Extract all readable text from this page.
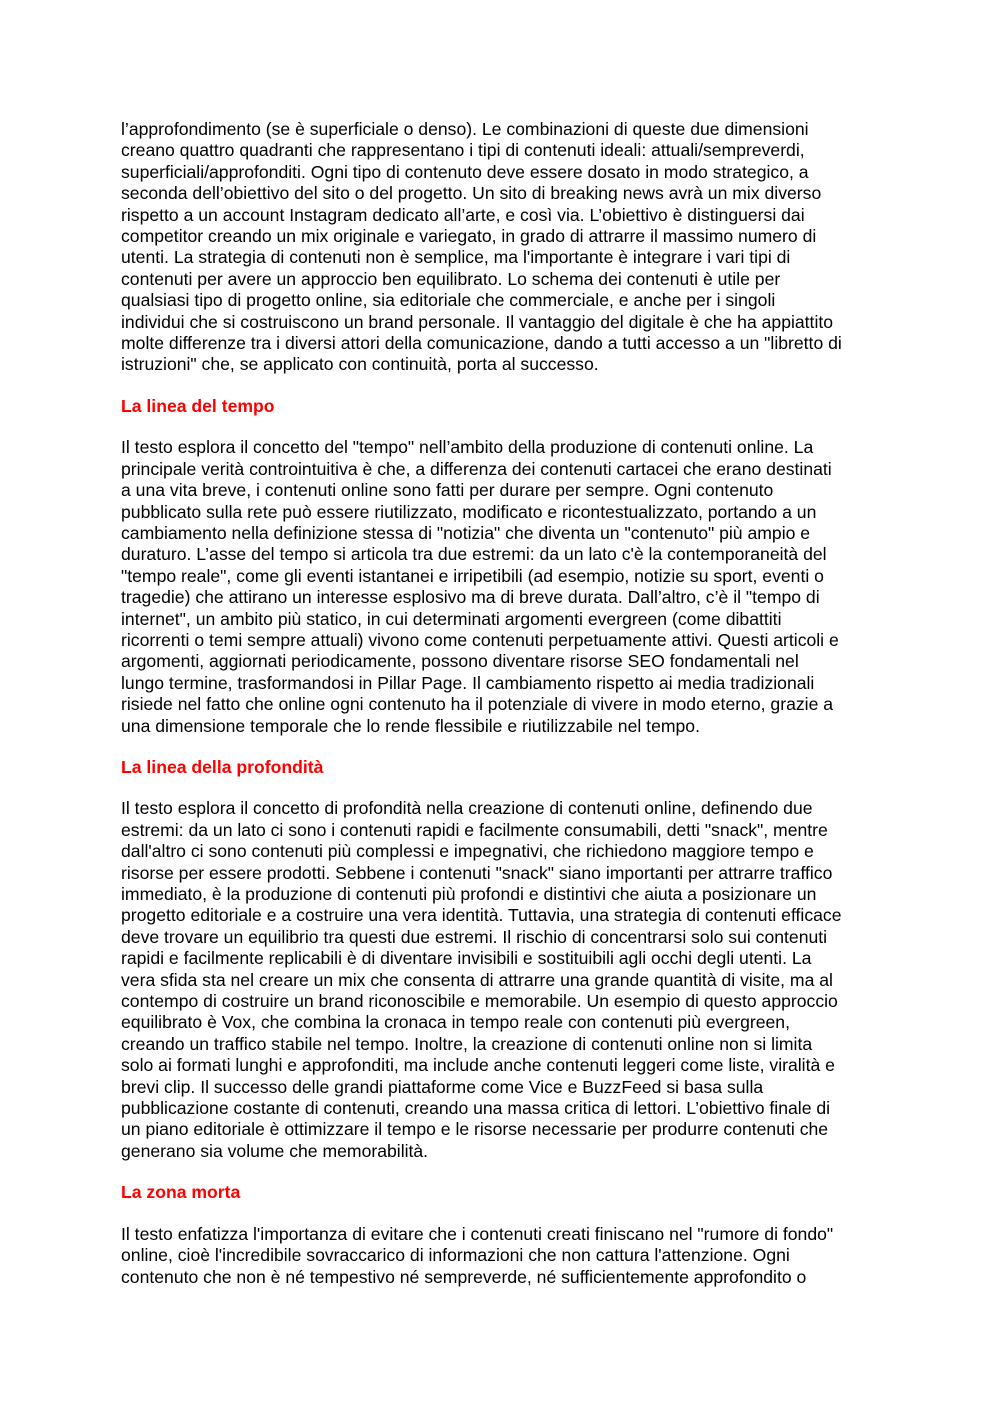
l’approfondimento (se è superficiale o denso). Le combinazioni di queste due dimensioni
creano quattro quadranti che rappresentano i tipi di contenuti ideali: attuali/sempreverdi,
superficiali/approfonditi. Ogni tipo di contenuto deve essere dosato in modo strategico, a
seconda dell’obiettivo del sito o del progetto. Un sito di breaking news avrà un mix diverso
rispetto a un account Instagram dedicato all’arte, e così via. L’obiettivo è distinguersi dai
competitor creando un mix originale e variegato, in grado di attrarre il massimo numero di
utenti. La strategia di contenuti non è semplice, ma l'importante è integrare i vari tipi di
contenuti per avere un approccio ben equilibrato. Lo schema dei contenuti è utile per
qualsiasi tipo di progetto online, sia editoriale che commerciale, e anche per i singoli
individui che si costruiscono un brand personale. Il vantaggio del digitale è che ha appiattito
molte differenze tra i diversi attori della comunicazione, dando a tutti accesso a un "libretto di
istruzioni" che, se applicato con continuità, porta al successo.

La linea del tempo

Il testo esplora il concetto del "tempo" nell’ambito della produzione di contenuti online. La
principale verità controintuitiva è che, a differenza dei contenuti cartacei che erano destinati
a una vita breve, i contenuti online sono fatti per durare per sempre. Ogni contenuto
pubblicato sulla rete può essere riutilizzato, modificato e ricontestualizzato, portando a un
cambiamento nella definizione stessa di "notizia" che diventa un "contenuto" più ampio e
duraturo. L’asse del tempo si articola tra due estremi: da un lato c'è la contemporaneità del
"tempo reale", come gli eventi istantanei e irripetibili (ad esempio, notizie su sport, eventi o
tragedie) che attirano un interesse esplosivo ma di breve durata. Dall’altro, c’è il "tempo di
internet", un ambito più statico, in cui determinati argomenti evergreen (come dibattiti
ricorrenti o temi sempre attuali) vivono come contenuti perpetuamente attivi. Questi articoli e
argomenti, aggiornati periodicamente, possono diventare risorse SEO fondamentali nel
lungo termine, trasformandosi in Pillar Page. Il cambiamento rispetto ai media tradizionali
risiede nel fatto che online ogni contenuto ha il potenziale di vivere in modo eterno, grazie a
una dimensione temporale che lo rende flessibile e riutilizzabile nel tempo.

La linea della profondità

Il testo esplora il concetto di profondità nella creazione di contenuti online, definendo due
estremi: da un lato ci sono i contenuti rapidi e facilmente consumabili, detti "snack", mentre
dall'altro ci sono contenuti più complessi e impegnativi, che richiedono maggiore tempo e
risorse per essere prodotti. Sebbene i contenuti "snack" siano importanti per attrarre traffico
immediato, è la produzione di contenuti più profondi e distintivi che aiuta a posizionare un
progetto editoriale e a costruire una vera identità. Tuttavia, una strategia di contenuti efficace
deve trovare un equilibrio tra questi due estremi. Il rischio di concentrarsi solo sui contenuti
rapidi e facilmente replicabili è di diventare invisibili e sostituibili agli occhi degli utenti. La
vera sfida sta nel creare un mix che consenta di attrarre una grande quantità di visite, ma al
contempo di costruire un brand riconoscibile e memorabile. Un esempio di questo approccio
equilibrato è Vox, che combina la cronaca in tempo reale con contenuti più evergreen,
creando un traffico stabile nel tempo. Inoltre, la creazione di contenuti online non si limita
solo ai formati lunghi e approfonditi, ma include anche contenuti leggeri come liste, viralità e
brevi clip. Il successo delle grandi piattaforme come Vice e BuzzFeed si basa sulla
pubblicazione costante di contenuti, creando una massa critica di lettori. L’obiettivo finale di
un piano editoriale è ottimizzare il tempo e le risorse necessarie per produrre contenuti che
generano sia volume che memorabilità.

La zona morta

Il testo enfatizza l'importanza di evitare che i contenuti creati finiscano nel "rumore di fondo"
online, cioè l'incredibile sovraccarico di informazioni che non cattura l'attenzione. Ogni
contenuto che non è né tempestivo né sempreverde, né sufficientemente approfondito o
